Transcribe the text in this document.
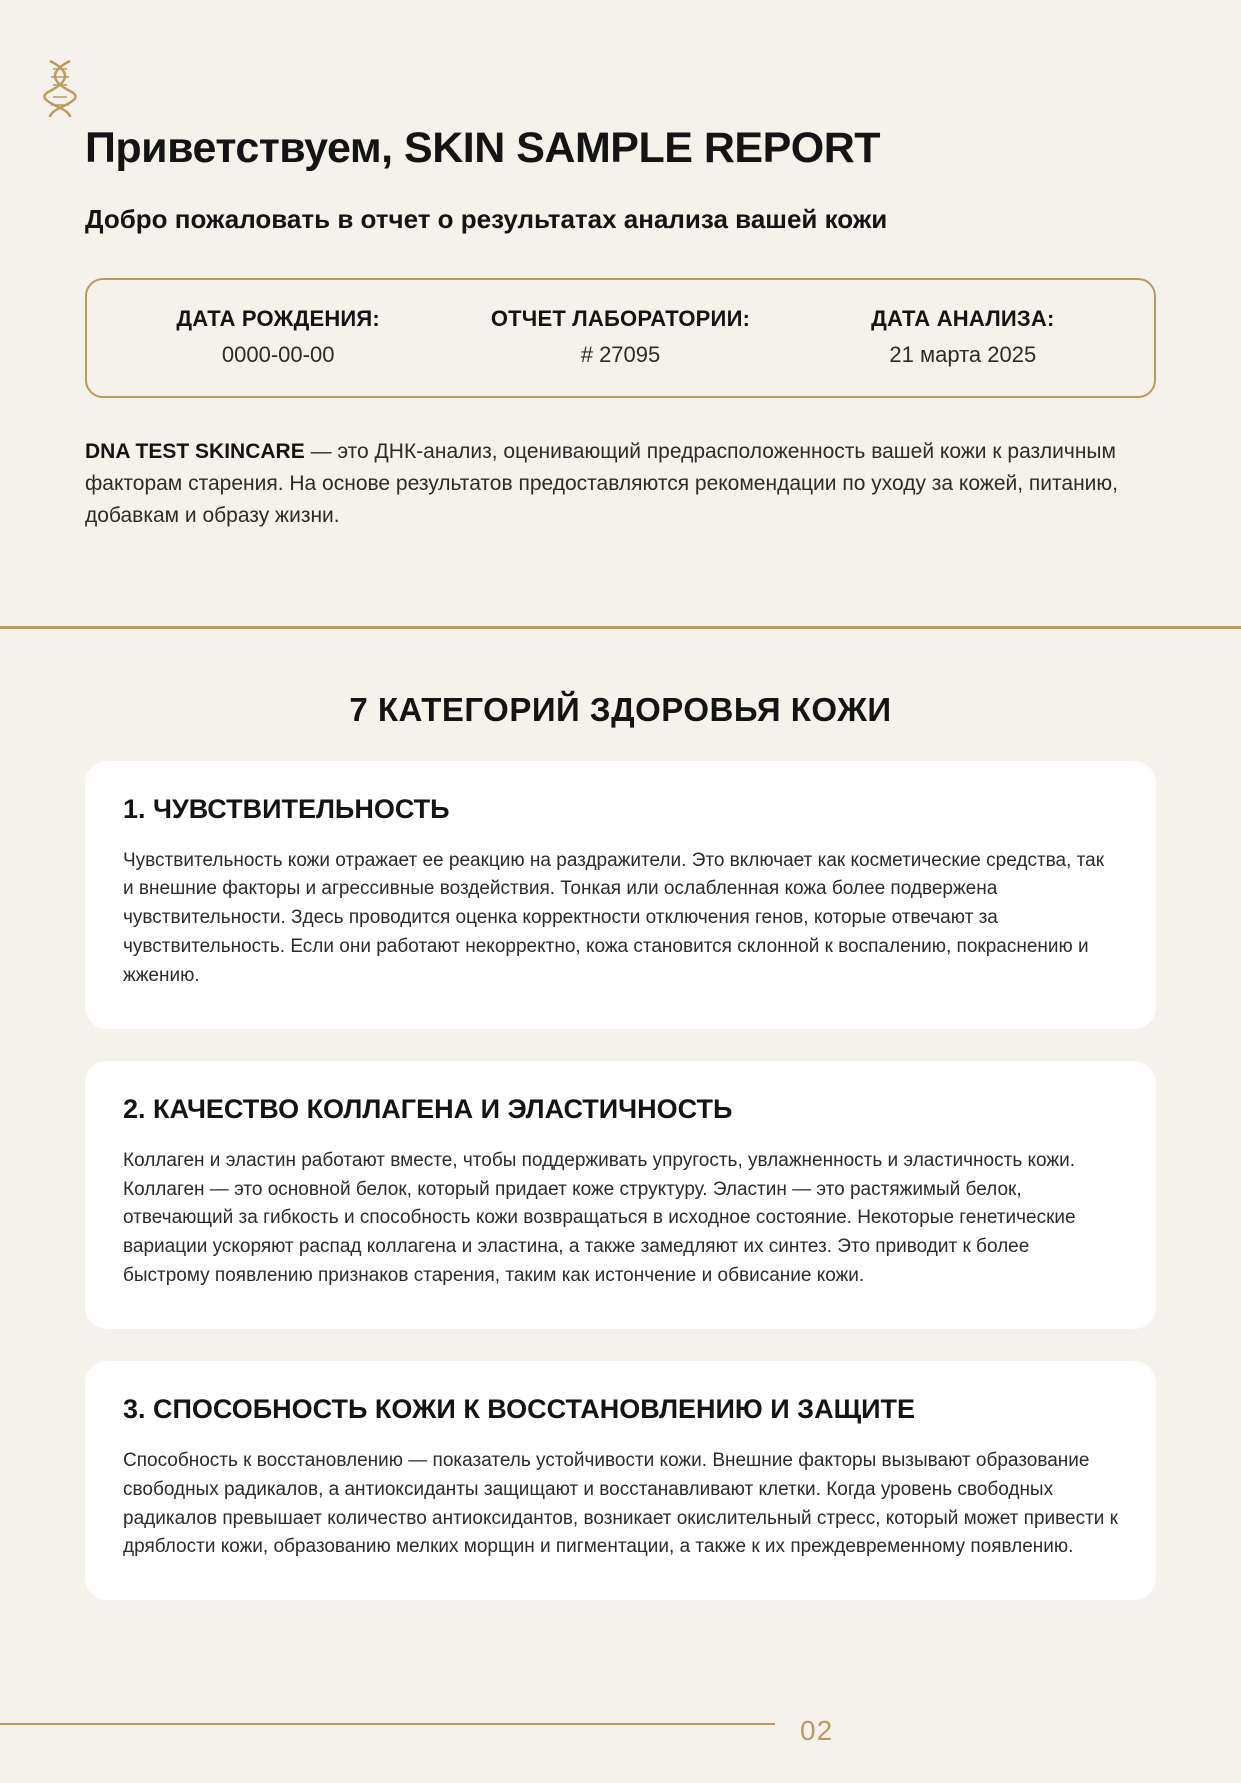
Приветствуем, SKIN SAMPLE REPORT
Добро пожаловать в отчет о результатах анализа вашей кожи
ДАТА РОЖДЕНИЯ:
0000-00-00
ОТЧЕТ ЛАБОРАТОРИИ:
# 27095
ДАТА АНАЛИЗА:
21 марта 2025

DNA TEST SKINCARE — это ДНК-анализ, оценивающий предрасположенность вашей кожи к различным факторам старения. На основе результатов предоставляются рекомендации по уходу за кожей, питанию, добавкам и образу жизни.

7 КАТЕГОРИЙ ЗДОРОВЬЯ КОЖИ
1. ЧУВСТВИТЕЛЬНОСТЬ
Чувствительность кожи отражает ее реакцию на раздражители. Это включает как косметические средства, так и внешние факторы и агрессивные воздействия. Тонкая или ослабленная кожа более подвержена чувствительности. Здесь проводится оценка корректности отключения генов, которые отвечают за чувствительность. Если они работают некорректно, кожа становится склонной к воспалению, покраснению и жжению.
2. КАЧЕСТВО КОЛЛАГЕНА И ЭЛАСТИЧНОСТЬ
Коллаген и эластин работают вместе, чтобы поддерживать упругость, увлажненность и эластичность кожи. Коллаген — это основной белок, который придает коже структуру. Эластин — это растяжимый белок, отвечающий за гибкость и способность кожи возвращаться в исходное состояние. Некоторые генетические вариации ускоряют распад коллагена и эластина, а также замедляют их синтез. Это приводит к более быстрому появлению признаков старения, таким как истончение и обвисание кожи.
3. СПОСОБНОСТЬ КОЖИ К ВОССТАНОВЛЕНИЮ И ЗАЩИТЕ
Способность к восстановлению — показатель устойчивости кожи. Внешние факторы вызывают образование свободных радикалов, а антиоксиданты защищают и восстанавливают клетки. Когда уровень свободных радикалов превышает количество антиоксидантов, возникает окислительный стресс, который может привести к дряблости кожи, образованию мелких морщин и пигментации, а также к их преждевременному появлению.
02
